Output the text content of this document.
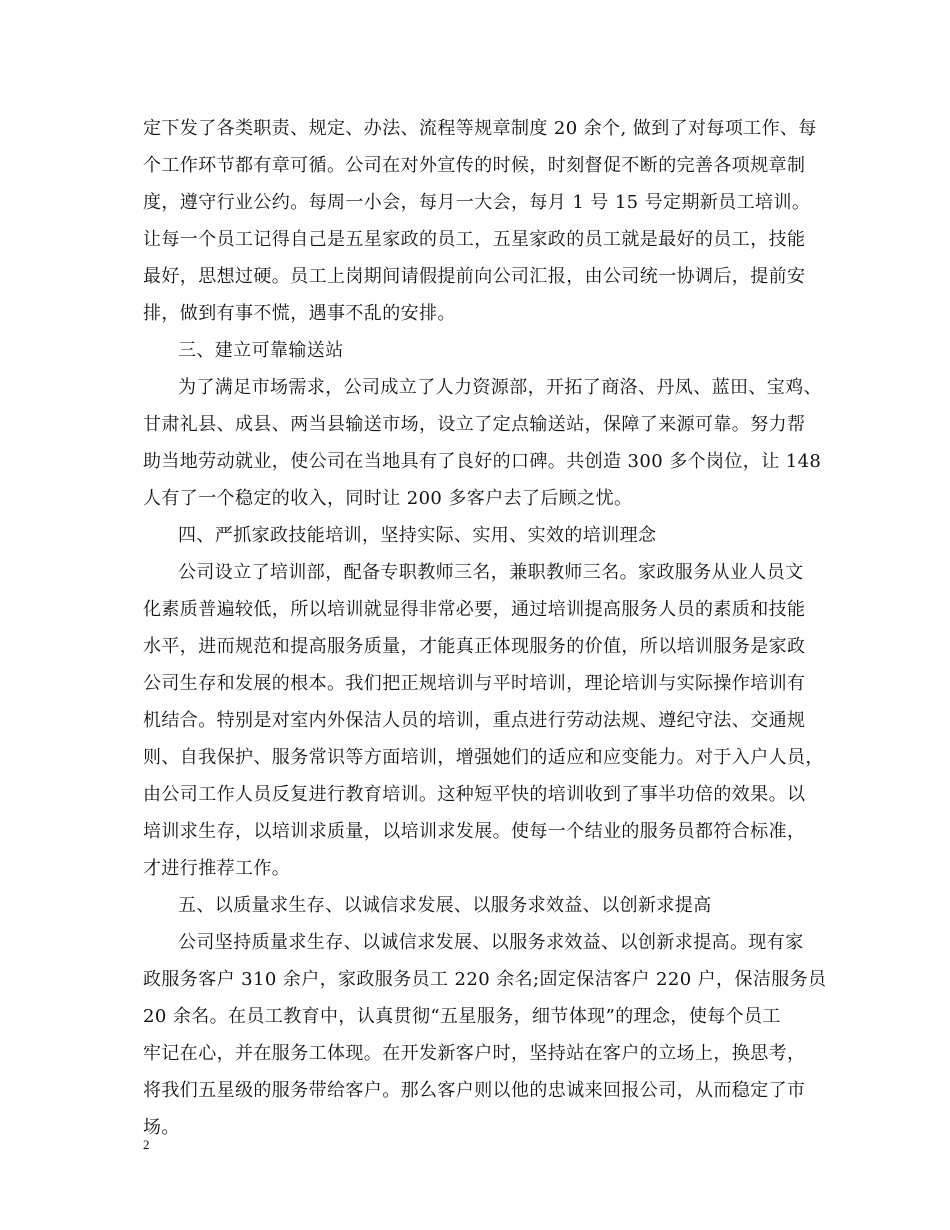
定下发了各类职责、规定、办法、流程等规章制度 20 余个, 做到了对每项工作、每
个工作环节都有章可循。公司在对外宣传的时候，时刻督促不断的完善各项规章制
度，遵守行业公约。每周一小会，每月一大会，每月 1 号 15 号定期新员工培训。
让每一个员工记得自己是五星家政的员工，五星家政的员工就是最好的员工，技能
最好，思想过硬。员工上岗期间请假提前向公司汇报，由公司统一协调后，提前安
排，做到有事不慌，遇事不乱的安排。
三、建立可靠输送站
为了满足市场需求，公司成立了人力资源部，开拓了商洛、丹凤、蓝田、宝鸡、
甘肃礼县、成县、两当县输送市场，设立了定点输送站，保障了来源可靠。努力帮
助当地劳动就业，使公司在当地具有了良好的口碑。共创造 300 多个岗位，让 148
人有了一个稳定的收入，同时让 200 多客户去了后顾之忧。
四、严抓家政技能培训，坚持实际、实用、实效的培训理念
公司设立了培训部，配备专职教师三名，兼职教师三名。家政服务从业人员文
化素质普遍较低，所以培训就显得非常必要，通过培训提高服务人员的素质和技能
水平，进而规范和提高服务质量，才能真正体现服务的价值，所以培训服务是家政
公司生存和发展的根本。我们把正规培训与平时培训，理论培训与实际操作培训有
机结合。特别是对室内外保洁人员的培训，重点进行劳动法规、遵纪守法、交通规
则、自我保护、服务常识等方面培训，增强她们的适应和应变能力。对于入户人员，
由公司工作人员反复进行教育培训。这种短平快的培训收到了事半功倍的效果。以
培训求生存，以培训求质量，以培训求发展。使每一个结业的服务员都符合标准，
才进行推荐工作。
五、以质量求生存、以诚信求发展、以服务求效益、以创新求提高
公司坚持质量求生存、以诚信求发展、以服务求效益、以创新求提高。现有家
政服务客户 310 余户，家政服务员工 220 余名;固定保洁客户 220 户，保洁服务员
20 余名。在员工教育中，认真贯彻“五星服务，细节体现”的理念，使每个员工
牢记在心，并在服务工体现。在开发新客户时，坚持站在客户的立场上，换思考，
将我们五星级的服务带给客户。那么客户则以他的忠诚来回报公司，从而稳定了市
场。
2
